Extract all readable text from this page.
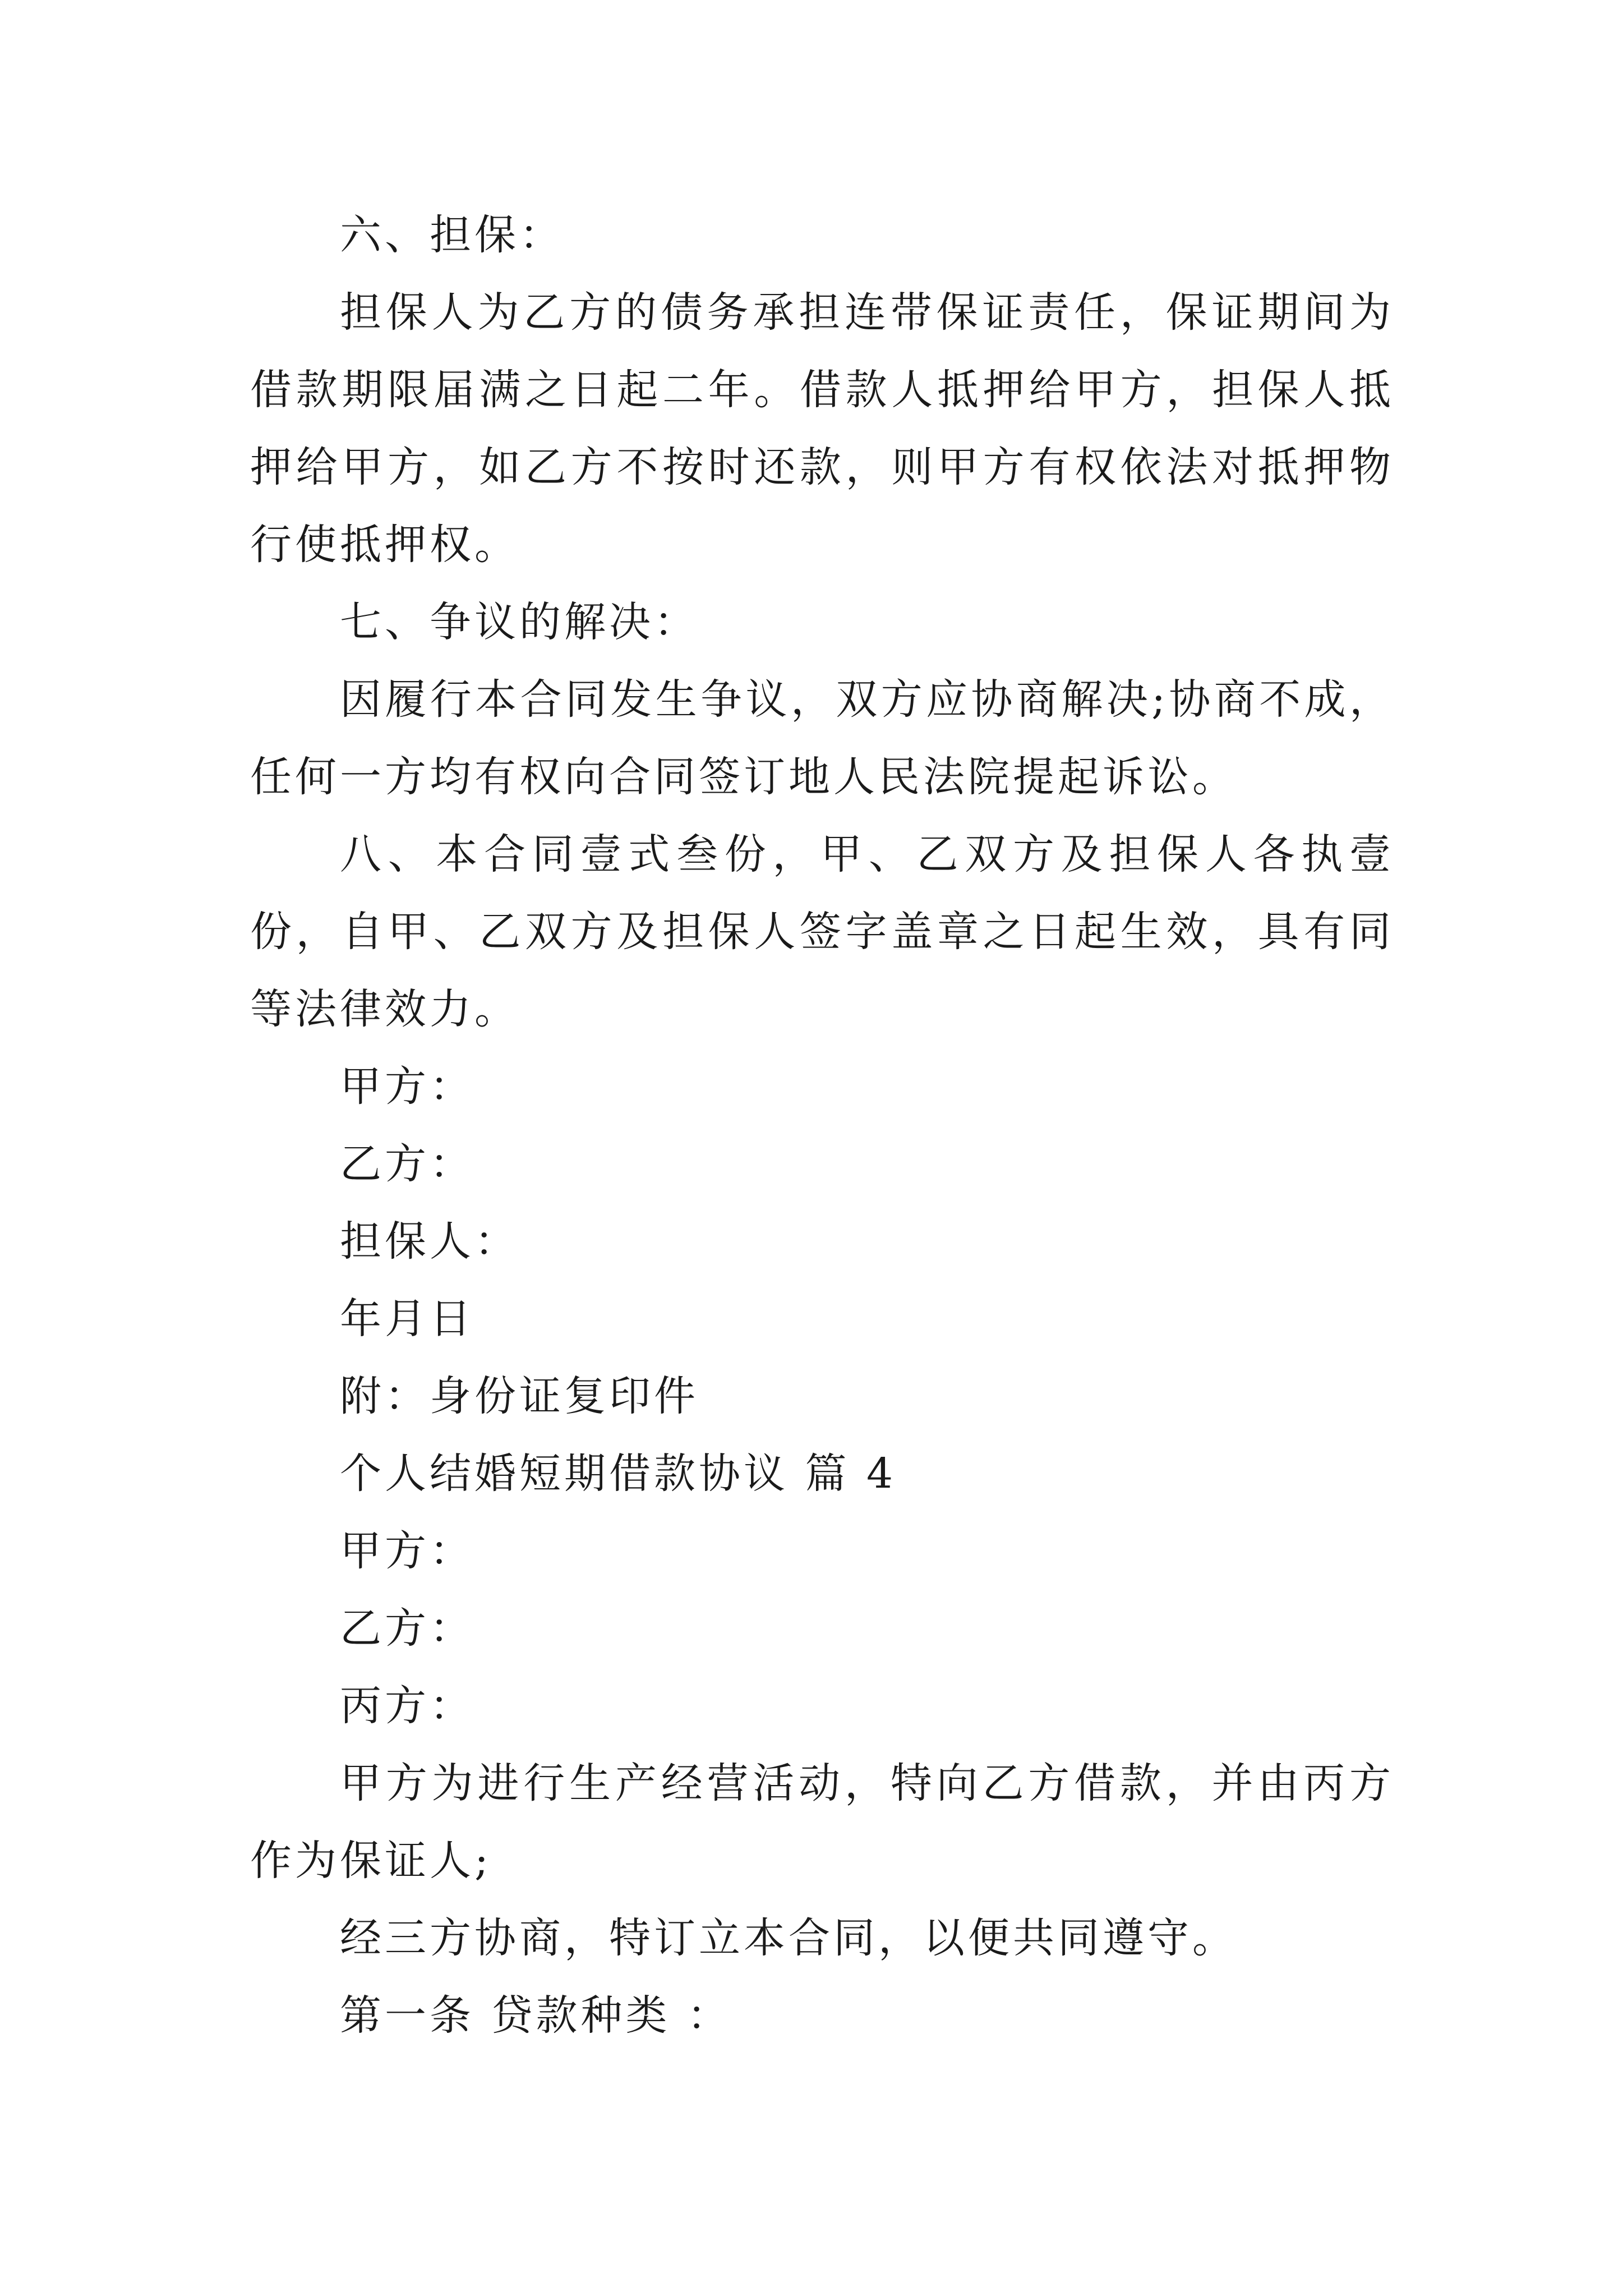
六、担保：

担保人为乙方的债务承担连带保证责任，保证期间为借款期限届满之日起二年。借款人抵押给甲方，担保人抵押给甲方，如乙方不按时还款，则甲方有权依法对抵押物行使抵押权。

七、争议的解决：

因履行本合同发生争议，双方应协商解决;协商不成，任何一方均有权向合同签订地人民法院提起诉讼。

八、本合同壹式叁份，甲、乙双方及担保人各执壹份，自甲、乙双方及担保人签字盖章之日起生效，具有同等法律效力。

甲方：

乙方：

担保人：

年月日

附：身份证复印件

个人结婚短期借款协议 篇 4

甲方：

乙方：

丙方：

甲方为进行生产经营活动，特向乙方借款，并由丙方作为保证人;

经三方协商，特订立本合同，以便共同遵守。

第一条 贷款种类 ：
